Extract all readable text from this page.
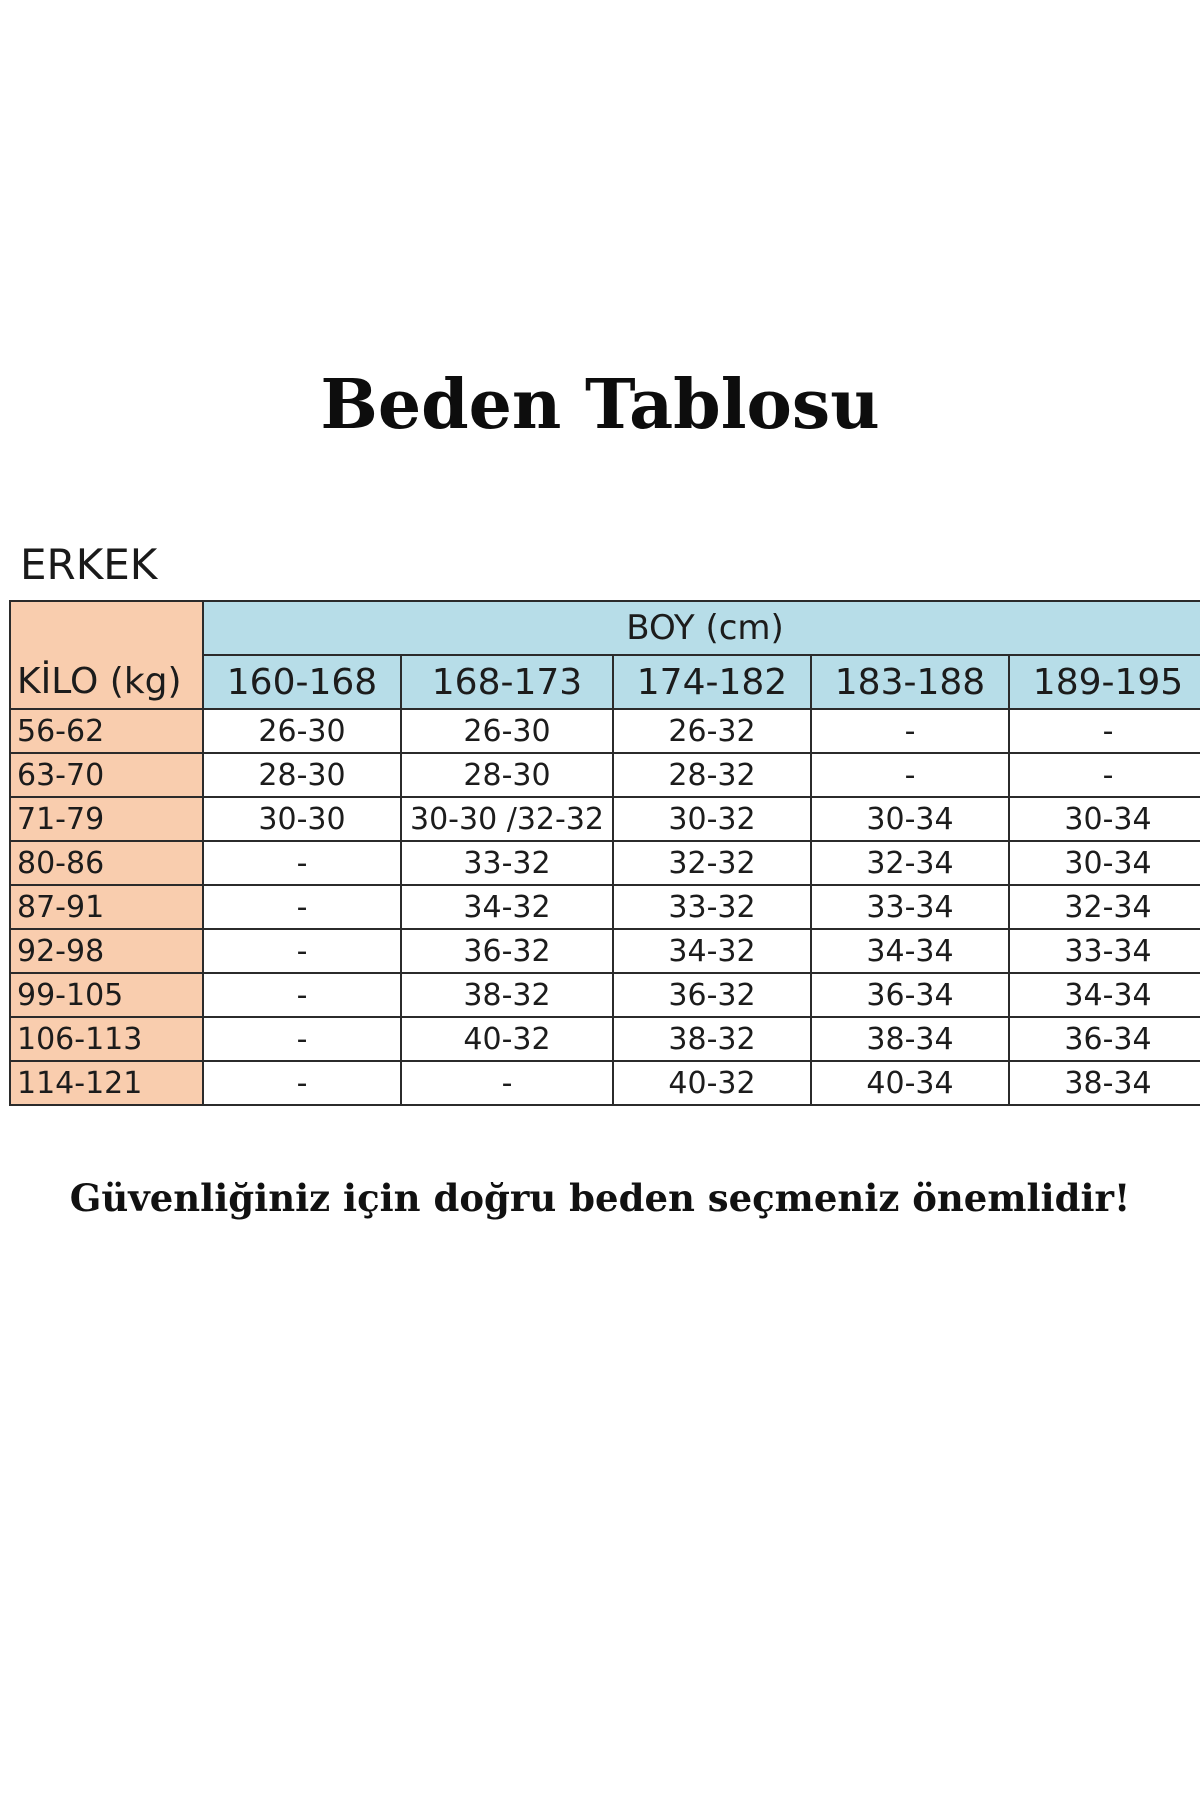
Beden Tablosu
ERKEK
	BOY (cm)				
KİLO (kg)	160-168	168-173	174-182	183-188	189-195
56-62	26-30	26-30	26-32	-	-
63-70	28-30	28-30	28-32	-	-
71-79	30-30	30-30 /32-32	30-32	30-34	30-34
80-86	-	33-32	32-32	32-34	30-34
87-91	-	34-32	33-32	33-34	32-34
92-98	-	36-32	34-32	34-34	33-34
99-105	-	38-32	36-32	36-34	34-34
106-113	-	40-32	38-32	38-34	36-34
114-121	-	-	40-32	40-34	38-34
Güvenliğiniz için doğru beden seçmeniz önemlidir!
